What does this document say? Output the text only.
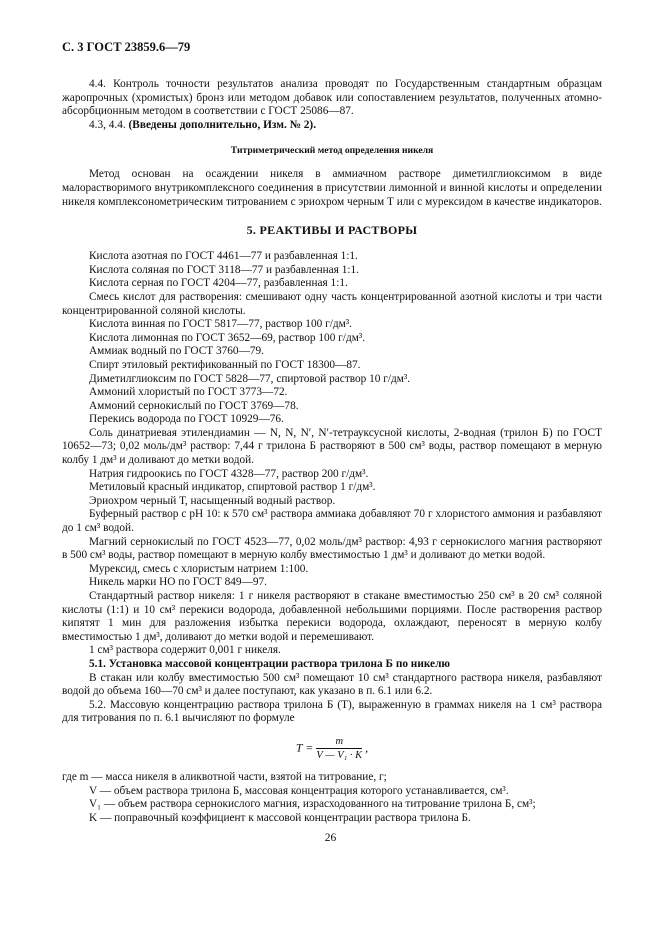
С. 3 ГОСТ 23859.6—79

4.4. Контроль точности результатов анализа проводят по Государственным стандартным образцам жаропрочных (хромистых) бронз или методом добавок или сопоставлением результатов, полученных атомно-абсорбционным методом в соответствии с ГОСТ 25086—87.

4.3, 4.4. (Введены дополнительно, Изм. № 2).

Титриметрический метод определения никеля

Метод основан на осаждении никеля в аммиачном растворе диметилглиоксимом в виде малорастворимого внутрикомплексного соединения в присутствии лимонной и винной кислоты и определении никеля комплексонометрическим титрованием с эриохром черным Т или с мурексидом в качестве индикаторов.

5. РЕАКТИВЫ И РАСТВОРЫ

Кислота азотная по ГОСТ 4461—77 и разбавленная 1:1.

Кислота соляная по ГОСТ 3118—77 и разбавленная 1:1.

Кислота серная по ГОСТ 4204—77, разбавленная 1:1.

Смесь кислот для растворения: смешивают одну часть концентрированной азотной кислоты и три части концентрированной соляной кислоты.

Кислота винная по ГОСТ 5817—77, раствор 100 г/дм³.

Кислота лимонная по ГОСТ 3652—69, раствор 100 г/дм³.

Аммиак водный по ГОСТ 3760—79.

Спирт этиловый ректификованный по ГОСТ 18300—87.

Диметилглиоксим по ГОСТ 5828—77, спиртовой раствор 10 г/дм³.

Аммоний хлористый по ГОСТ 3773—72.

Аммоний сернокислый по ГОСТ 3769—78.

Перекись водорода по ГОСТ 10929—76.

Соль динатриевая этилендиамин — N, N, N′, N′-тетрауксусной кислоты, 2-водная (трилон Б) по ГОСТ 10652—73; 0,02 моль/дм³ раствор: 7,44 г трилона Б растворяют в 500 см³ воды, раствор помещают в мерную колбу 1 дм³ и доливают до метки водой.

Натрия гидроокись по ГОСТ 4328—77, раствор 200 г/дм³.

Метиловый красный индикатор, спиртовой раствор 1 г/дм³.

Эриохром черный Т, насыщенный водный раствор.

Буферный раствор с рН 10: к 570 см³ раствора аммиака добавляют 70 г хлористого аммония и разбавляют до 1 см³ водой.

Магний сернокислый по ГОСТ 4523—77, 0,02 моль/дм³ раствор: 4,93 г сернокислого магния растворяют в 500 см³ воды, раствор помещают в мерную колбу вместимостью 1 дм³ и доливают до метки водой.

Мурексид, смесь с хлористым натрием 1:100.

Никель марки НО по ГОСТ 849—97.

Стандартный раствор никеля: 1 г никеля растворяют в стакане вместимостью 250 см³ в 20 см³ соляной кислоты (1:1) и 10 см³ перекиси водорода, добавленной небольшими порциями. После растворения раствор кипятят 1 мин для разложения избытка перекиси водорода, охлаждают, переносят в мерную колбу вместимостью 1 дм³, доливают до метки водой и перемешивают.

1 см³ раствора содержит 0,001 г никеля.

5.1. Установка массовой концентрации раствора трилона Б по никелю

В стакан или колбу вместимостью 500 см³ помещают 10 см³ стандартного раствора никеля, разбавляют водой до объема 160—70 см³ и далее поступают, как указано в п. 6.1 или 6.2.

5.2. Массовую концентрацию раствора трилона Б (T), выраженную в граммах никеля на 1 см³ раствора для титрования по п. 6.1 вычисляют по формуле

$T = \frac{m}{\text{V — V₁ · K}}$ ,

где m — масса никеля в аликвотной части, взятой на титрование, г;

V — объем раствора трилона Б, массовая концентрация которого устанавливается, см³.

V₁ — объем раствора сернокислого магния, израсходованного на титрование трилона Б, см³;

K — поправочный коэффициент к массовой концентрации раствора трилона Б.

26
